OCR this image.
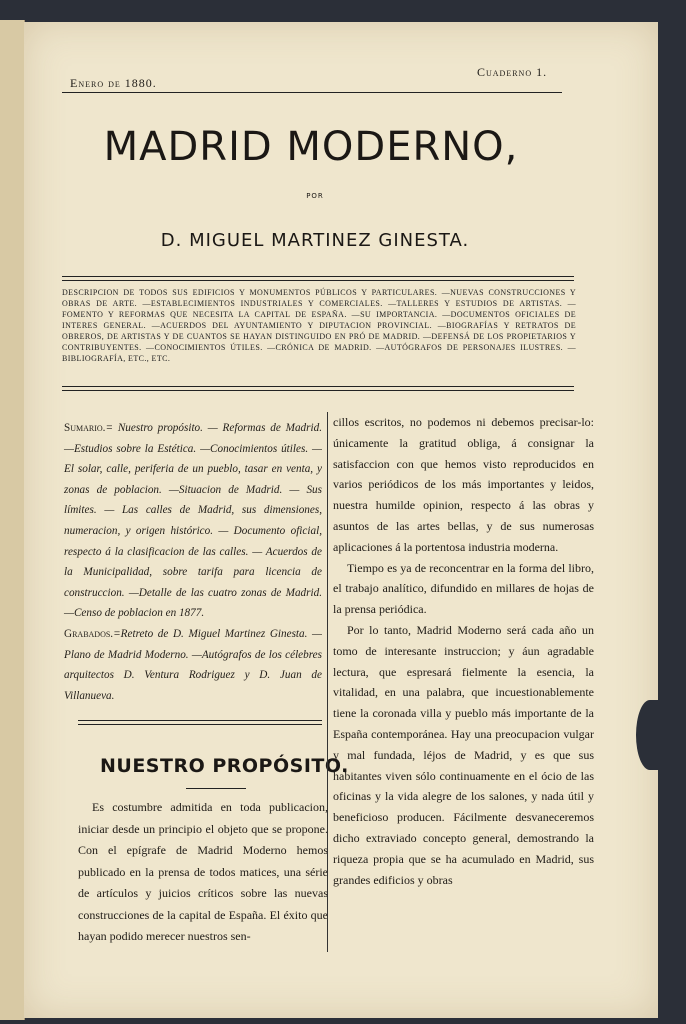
Enero de 1880.
Cuaderno 1.
MADRID MODERNO,
POR
D. MIGUEL MARTINEZ GINESTA.
DESCRIPCION DE TODOS SUS EDIFICIOS Y MONUMENTOS PÚBLICOS Y PARTICULARES. —NUEVAS CONSTRUCCIONES Y OBRAS DE ARTE. —ESTABLECIMIENTOS INDUSTRIALES Y COMERCIALES. —TALLERES Y ESTUDIOS DE ARTISTAS. —FOMENTO Y REFORMAS QUE NECESITA LA CAPITAL DE ESPAÑA. —SU IMPORTANCIA. —DOCUMENTOS OFICIALES DE INTERES GENERAL. —ACUERDOS DEL AYUNTAMIENTO Y DIPUTACION PROVINCIAL. —BIOGRAFÍAS Y RETRATOS DE OBREROS, DE ARTISTAS Y DE CUANTOS SE HAYAN DISTINGUIDO EN PRÓ DE MADRID. —DEFENSÁ DE LOS PROPIETARIOS Y CONTRIBUYENTES. —CONOCIMIENTOS ÚTILES. —CRÓNICA DE MADRID. —AUTÓGRAFOS DE PERSONAJES ILUSTRES. —BIBLIOGRAFÍA, ETC., ETC.
Sumario.= Nuestro propósito. — Reformas de Madrid. —Estudios sobre la Estética. —Conocimientos útiles. — El solar, calle, periferia de un pueblo, tasar en venta, y zonas de poblacion. —Situacion de Madrid. — Sus límites. — Las calles de Madrid, sus dimensiones, numeracion, y origen histórico. — Documento oficial, respecto á la clasificacion de las calles. — Acuerdos de la Municipalidad, sobre tarifa para licencia de construccion. —Detalle de las cuatro zonas de Madrid. —Censo de poblacion en 1877.
Grabados.=Retreto de D. Miguel Martinez Ginesta. —Plano de Madrid Moderno. —Autógrafos de los célebres arquitectos D. Ventura Rodriguez y D. Juan de Villanueva.
NUESTRO PROPÓSITO.
Es costumbre admitida en toda publicacion, iniciar desde un principio el objeto que se propone. Con el epígrafe de Madrid Moderno hemos publicado en la prensa de todos matices, una série de artículos y juicios críticos sobre las nuevas construcciones de la capital de España. El éxito que hayan podido merecer nuestros sen-

cillos escritos, no podemos ni debemos precisar-lo: únicamente la gratitud obliga, á consignar la satisfaccion con que hemos visto reproducidos en varios periódicos de los más importantes y leidos, nuestra humilde opinion, respecto á las obras y asuntos de las artes bellas, y de sus numerosas aplicaciones á la portentosa industria moderna.

Tiempo es ya de reconcentrar en la forma del libro, el trabajo analítico, difundido en millares de hojas de la prensa periódica.

Por lo tanto, Madrid Moderno será cada año un tomo de interesante instruccion; y áun agradable lectura, que espresará fielmente la esencia, la vitalidad, en una palabra, que incuestionablemente tiene la coronada villa y pueblo más importante de la España contemporánea. Hay una preocupacion vulgar y mal fundada, léjos de Madrid, y es que sus habitantes viven sólo continuamente en el ócio de las oficinas y la vida alegre de los salones, y nada útil y beneficioso producen. Fácilmente desvaneceremos dicho extraviado concepto general, demostrando la riqueza propia que se ha acumulado en Madrid, sus grandes edificios y obras
